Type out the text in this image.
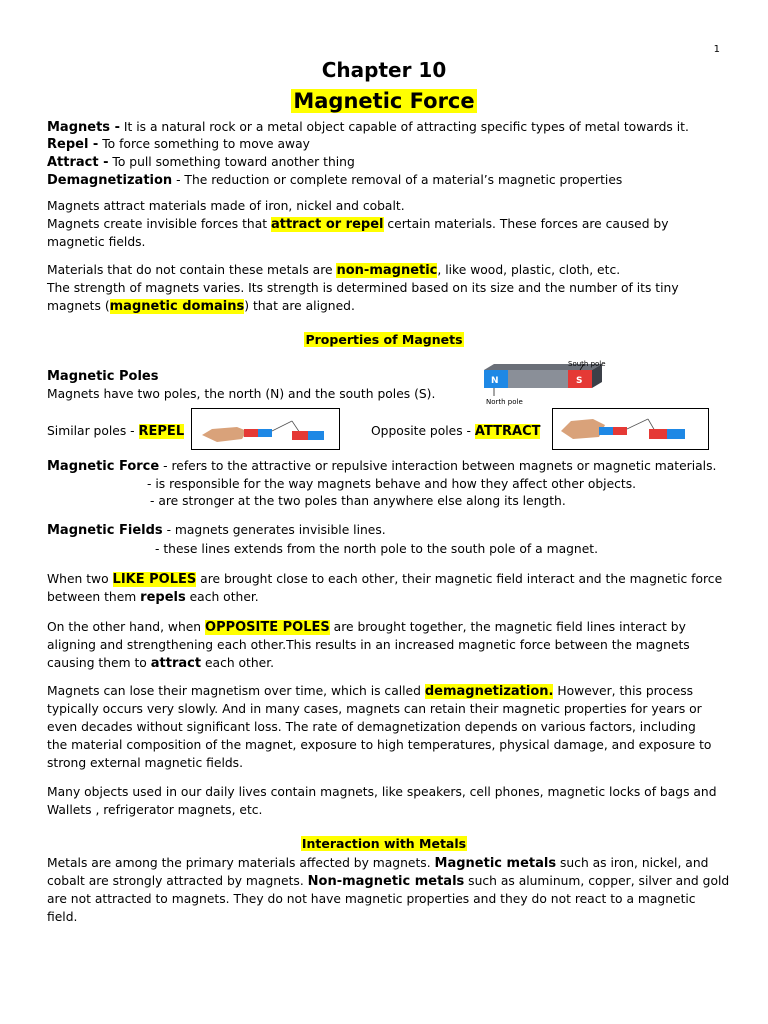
1
Chapter 10
Magnetic Force
Magnets - It is a natural rock or a metal object capable of attracting specific types of metal towards it.
Repel - To force something to move away
Attract - To pull something toward another thing
Demagnetization - The reduction or complete removal of a material’s magnetic properties
Magnets attract materials made of iron, nickel and cobalt.
Magnets create invisible forces that attract or repel certain materials. These forces are caused by
magnetic fields.
Materials that do not contain these metals are non-magnetic, like wood, plastic, cloth, etc.
The strength of magnets varies. Its strength is determined based on its size and the number of its tiny
magnets (magnetic domains) that are aligned.
Properties of Magnets
Magnetic Poles
Magnets have two poles, the north (N) and the south poles (S).
N	S
South pole
North pole
Similar poles - REPEL	Opposite poles - ATTRACT
Magnetic Force - refers to the attractive or repulsive interaction between magnets or magnetic materials.
- is responsible for the way magnets behave and how they affect other objects.
- are stronger at the two poles than anywhere else along its length.
Magnetic Fields - magnets generates invisible lines.
- these lines extends from the north pole to the south pole of a magnet.
When two LIKE POLES are brought close to each other, their magnetic field interact and the magnetic force
between them repels each other.
On the other hand, when OPPOSITE POLES are brought together, the magnetic field lines interact by
aligning and strengthening each other.This results in an increased magnetic force between the magnets
causing them to attract each other.
Magnets can lose their magnetism over time, which is called demagnetization. However, this process
typically occurs very slowly. And in many cases, magnets can retain their magnetic properties for years or
even decades without significant loss. The rate of demagnetization depends on various factors, including
the material composition of the magnet, exposure to high temperatures, physical damage, and exposure to
strong external magnetic fields.
Many objects used in our daily lives contain magnets, like speakers, cell phones, magnetic locks of bags and
Wallets , refrigerator magnets, etc.
Interaction with Metals
Metals are among the primary materials affected by magnets. Magnetic metals such as iron, nickel, and
cobalt are strongly attracted by magnets. Non-magnetic metals such as aluminum, copper, silver and gold
are not attracted to magnets. They do not have magnetic properties and they do not react to a magnetic
field.
